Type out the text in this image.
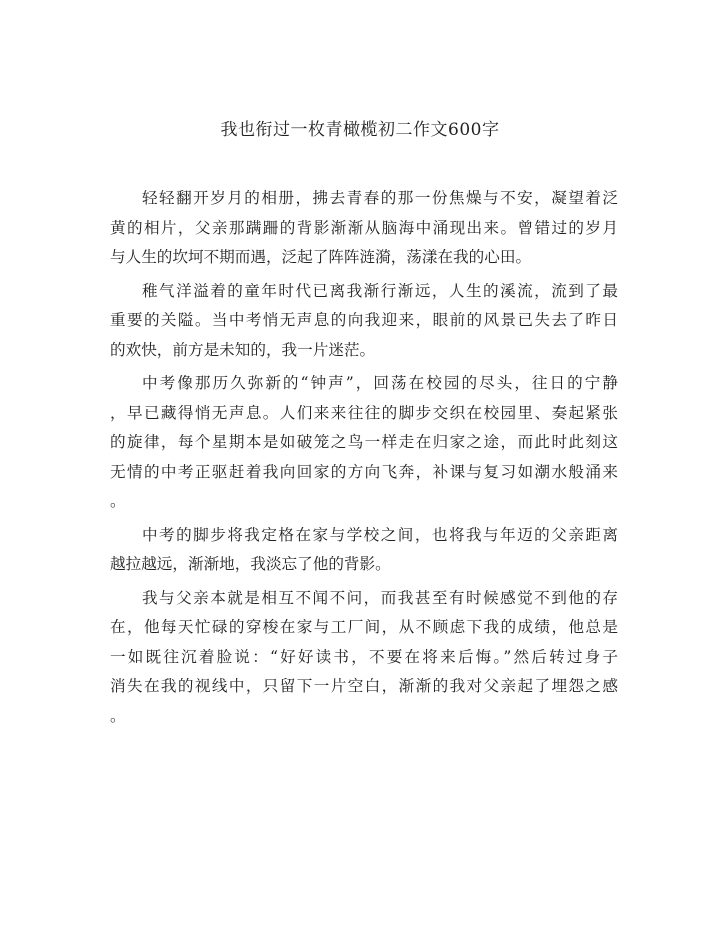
我也衔过一枚青橄榄初二作文600字

轻轻翻开岁月的相册，拂去青春的那一份焦燥与不安，凝望着泛
黄的相片，父亲那蹒跚的背影渐渐从脑海中涌现出来。曾错过的岁月
与人生的坎坷不期而遇，泛起了阵阵涟漪，荡漾在我的心田。

稚气洋溢着的童年时代已离我渐行渐远，人生的溪流，流到了最
重要的关隘。当中考悄无声息的向我迎来，眼前的风景已失去了昨日
的欢快，前方是未知的，我一片迷茫。

中考像那历久弥新的“钟声”，回荡在校园的尽头，往日的宁静
，早已藏得悄无声息。人们来来往往的脚步交织在校园里、奏起紧张
的旋律，每个星期本是如破笼之鸟一样走在归家之途，而此时此刻这
无情的中考正驱赶着我向回家的方向飞奔，补课与复习如潮水般涌来
。

中考的脚步将我定格在家与学校之间，也将我与年迈的父亲距离
越拉越远，渐渐地，我淡忘了他的背影。

我与父亲本就是相互不闻不问，而我甚至有时候感觉不到他的存
在，他每天忙碌的穿梭在家与工厂间，从不顾虑下我的成绩，他总是
一如既往沉着脸说：“好好读书，不要在将来后悔。”然后转过身子
消失在我的视线中，只留下一片空白，渐渐的我对父亲起了埋怨之感
。
